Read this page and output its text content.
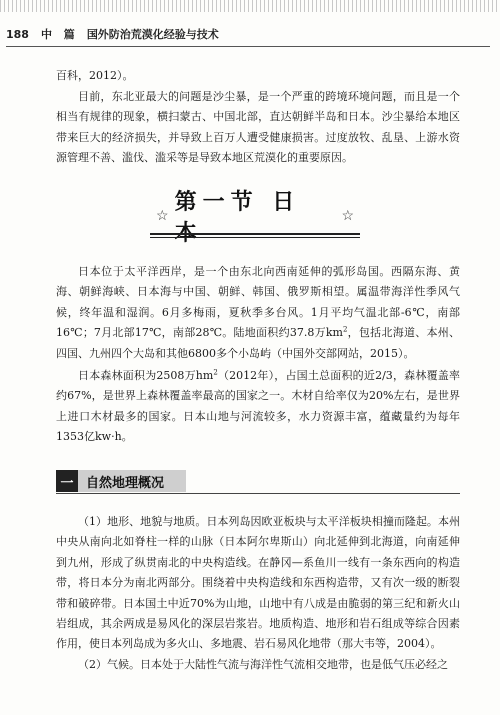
188 中 篇 国外防治荒漠化经验与技术

百科，2012）。

目前，东北亚最大的问题是沙尘暴，是一个严重的跨境环境问题，而且是一个相当有规律的现象，横扫蒙古、中国北部，直达朝鲜半岛和日本。沙尘暴给本地区带来巨大的经济损失，并导致上百万人遭受健康损害。过度放牧、乱垦、上游水资源管理不善、滥伐、滥采等是导致本地区荒漠化的重要原因。

☆
第一节 日
☆

日本位于太平洋西岸，是一个由东北向西南延伸的弧形岛国。西隔东海、黄海、朝鲜海峡、日本海与中国、朝鲜、韩国、俄罗斯相望。属温带海洋性季风气候，终年温和湿润。6月多梅雨，夏秋季多台风。1月平均气温北部-6℃，南部16℃；7月北部17℃，南部28℃。陆地面积约37.8万$km^2$，包括北海道、本州、四国、九州四个大岛和其他6800多个小岛屿（中国外交部网站，2015）。

日本森林面积为2508万$hm^2(2012$年），占国土总面积的近2/3，森林覆盖率约67%，是世界上森林覆盖率最高的国家之一。木材自给率仅为20%左右，是世界上进口木材最多的国家。日本山地与河流较多，水力资源丰富，蕴藏量约为每年1353亿kw·h。

一 自然地理概况

（1）地形、地貌与地质。日本列岛因欧亚板块与太平洋板块相撞而隆起。本州中央从南向北如脊柱一样的山脉（日本阿尔卑斯山）向北延伸到北海道，向南延伸到九州，形成了纵贯南北的中央构造线。在静冈—系鱼川一线有一条东西向的构造带，将日本分为南北两部分。围绕着中央构造线和东西构造带，又有次一级的断裂带和破碎带。日本国土中近70%为山地，山地中有八成是由脆弱的第三纪和新火山岩组成，其余两成是易风化的深层岩浆岩。地质构造、地形和岩石组成等综合因素作用，使日本列岛成为多火山、多地震、岩石易风化地带（那大韦等，2004）。

（2）气候。日本处于大陆性气流与海洋性气流相交地带，也是低气压必经之
